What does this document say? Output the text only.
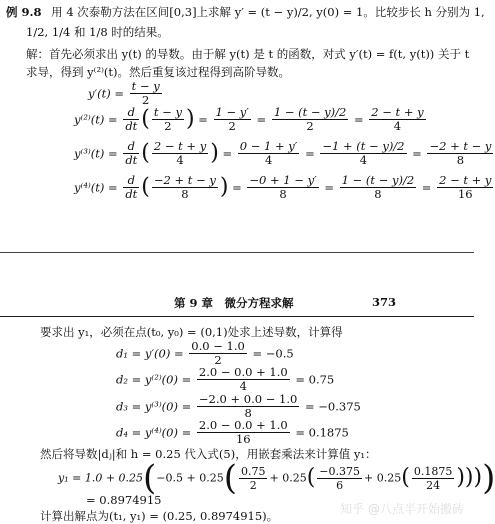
例 9.8 用 4 次泰勒方法在区间[0,3]上求解 y′ = (t − y)/2, y(0) = 1。比较步长 h 分别为 1,
1/2, 1/4 和 1/8 时的结果。
解：首先必须求出 y(t) 的导数。由于解 y(t) 是 t 的函数，对式 y′(t) = f(t, y(t)) 关于 t
求导，得到 y⁽²⁾(t)。然后重复该过程得到高阶导数。
$y'(t) = \frac{t - y}{2}$
$y^{(2)}(t) = \frac{d}{dt}$ ( $\frac{t - y}{2}$ ) = $\frac{1 - y'}{2} = \frac{1 - (t - y)/2}{2} = \frac{2 - t + y}{4}$
$y^{(3)}(t) = \frac{d}{dt}$ ( $\frac{2 - t + y}{4}$ ) = $\frac{0 - 1 + y'}{4} = \frac{-1 + (t - y)/2}{4} = \frac{-2 + t - y}{8}$
$y^{(4)}(t) = \frac{d}{dt}$ ( $\frac{-2 + t - y}{8}$ ) = $\frac{-0 + 1 - y'}{8} = \frac{1 - (t - y)/2}{8} = \frac{2 - t + y}{16}$
第 9 章　微分方程求解	373
要求出 y₁，必须在点(t₀, y₀) = (0,1)处求上述导数，计算得
$d_1 = y'(0) = \frac{0.0 - 1.0}{2} = -0.5$
$d_2 = y^{(2)}(0) = \frac{2.0 - 0.0 + 1.0}{4} = 0.75$
$d_3 = y^{(3)}(0) = \frac{-2.0 + 0.0 - 1.0}{8} = -0.375$
$d_4 = y^{(4)}(0) = \frac{2.0 - 0.0 + 1.0}{16} = 0.1875$
然后将导数|dⱼ|和 h = 0.25 代入式(5)，用嵌套乘法来计算值 y₁：
$y_1 = 1.0 + 0.25(-0.5 + 0.25( \frac{0.75}{2} + 0.25( \frac{-0.375}{6} + 0.25( \frac{0.1875}{24}$ ))))
= 0.8974915
计算出解点为(t₁, y₁) = (0.25, 0.8974915)。	知乎 @八点半开始搬砖
